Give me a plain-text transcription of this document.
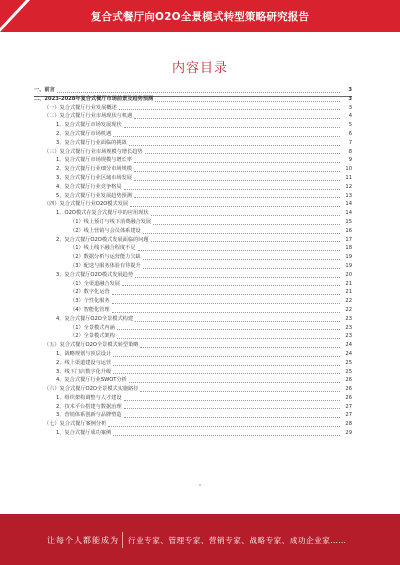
复合式餐厅向O2O全景模式转型策略研究报告
内容目录
一、前言	3
二、2023-2028年复合式餐厅市场前景及趋势预测	3
（一）复合式餐厅行业发展概述	3
（二）复合式餐厅行业市场现状与机遇	4
1、复合式餐厅市场发展现状	5
2、复合式餐厅市场机遇	6
3、复合式餐厅行业面临的挑战	7
（三）复合式餐厅行业市场规模与增长趋势	8
1、复合式餐厅市场规模与增长率	9
2、复合式餐厅行业细分市场规模	10
3、复合式餐厅行业区域市场发展	11
4、复合式餐厅行业竞争格局	12
5、复合式餐厅行业发展趋势预测	13
（四）复合式餐厅行业O2O模式发展	14
1、O2O模式在复合式餐厅中的应用现状	14
（1）线上预订与线下消费融合发展	15
（2）线上营销与会员体系建设	16
2、复合式餐厅O2O模式发展面临的问题	17
（1）线上线下融合程度不足	18
（2）数据分析与运营能力欠缺	19
（3）配送与服务体验有待提升	19
3、复合式餐厅O2O模式发展趋势	20
（1）全渠道融合发展	21
（2）数字化运营	21
（3）个性化服务	22
（4）智能化管理	22
4、复合式餐厅O2O全景模式构建	23
（1）全景模式内涵	23
（2）全景模式架构	23
（五）复合式餐厅O2O全景模式转型策略	24
1、战略规划与顶层设计	24
2、线上渠道建设与运营	25
3、线下门店数字化升级	25
4、复合式餐厅行业SWOT分析	26
（六）复合式餐厅O2O全景模式实施路径	26
1、组织架构调整与人才建设	26
2、技术平台搭建与数据治理	27
3、营销体系创新与品牌塑造	27
（七）复合式餐厅案例分析	28
1、复合式餐厅成功案例	29
让每个人都能成为 行业专家、管理专家、营销专家、战略专家、成功企业家……
